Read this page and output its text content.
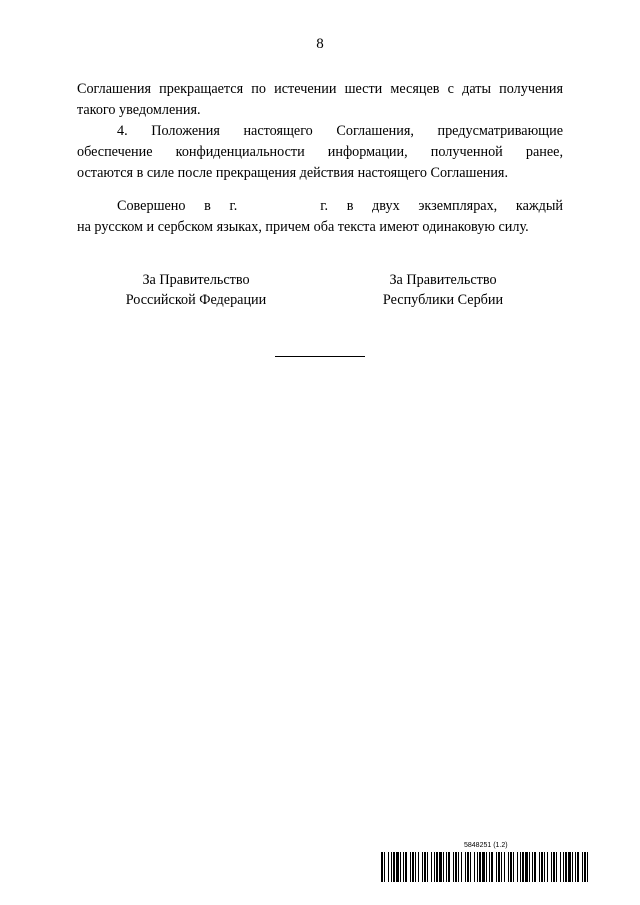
8

Соглашения прекращается по истечении шести месяцев с даты получения
такого уведомления.

4. Положения настоящего Соглашения, предусматривающие
обеспечение конфиденциальности информации, полученной ранее,
остаются в силе после прекращения действия настоящего Соглашения.

Совершено в г.	г. в двух экземплярах, каждый
на русском и сербском языках, причем оба текста имеют одинаковую силу.
За Правительство
Российской Федерации
За Правительство
Республики Сербии
5848251 (1.2)
